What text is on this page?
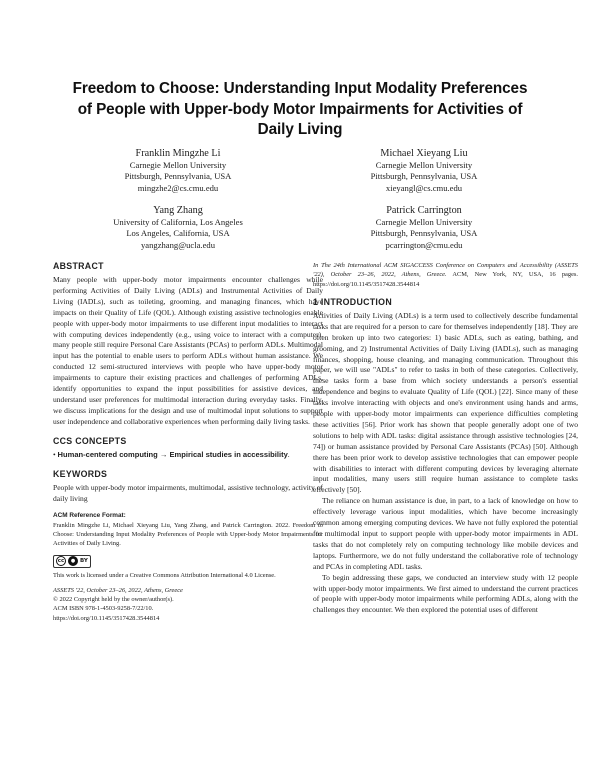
Freedom to Choose: Understanding Input Modality Preferences
of People with Upper-body Motor Impairments for Activities of
Daily Living
Franklin Mingzhe Li
Carnegie Mellon University
Pittsburgh, Pennsylvania, USA
mingzhe2@cs.cmu.edu
Michael Xieyang Liu
Carnegie Mellon University
Pittsburgh, Pennsylvania, USA
xieyangl@cs.cmu.edu
Yang Zhang
University of California, Los Angeles
Los Angeles, California, USA
yangzhang@ucla.edu
Patrick Carrington
Carnegie Mellon University
Pittsburgh, Pennsylvania, USA
pcarrington@cmu.edu
ABSTRACT

Many people with upper-body motor impairments encounter challenges while performing Activities of Daily Living (ADLs) and Instrumental Activities of Daily Living (IADLs), such as toileting, grooming, and managing finances, which have impacts on their Quality of Life (QOL). Although existing assistive technologies enable people with upper-body motor impairments to use different input modalities to interact with computing devices independently (e.g., using voice to interact with a computer), many people still require Personal Care Assistants (PCAs) to perform ADLs. Multimodal input has the potential to enable users to perform ADLs without human assistance. We conducted 12 semi-structured interviews with people who have upper-body motor impairments to capture their existing practices and challenges of performing ADLs, identify opportunities to expand the input possibilities for assistive devices, and understand user preferences for multimodal interaction during everyday tasks. Finally, we discuss implications for the design and use of multimodal input solutions to support user independence and collaborative experiences when performing daily living tasks.

CCS CONCEPTS

• Human-centered computing → Empirical studies in accessibility.

KEYWORDS

People with upper-body motor impairments, multimodal, assistive technology, activity of daily living

ACM Reference Format:

Franklin Mingzhe Li, Michael Xieyang Liu, Yang Zhang, and Patrick Carrington. 2022. Freedom to Choose: Understanding Input Modality Preferences of People with Upper-body Motor Impairments for Activities of Daily Living.

cc	● BY

This work is licensed under a Creative Commons Attribution International 4.0 License.

ASSETS '22, October 23–26, 2022, Athens, Greece

© 2022 Copyright held by the owner/author(s).

ACM ISBN 978-1-4503-9258-7/22/10.

https://doi.org/10.1145/3517428.3544814

In The 24th International ACM SIGACCESS Conference on Computers and Accessibility (ASSETS '22), October 23–26, 2022, Athens, Greece. ACM, New York, NY, USA, 16 pages. https://doi.org/10.1145/3517428.3544814

1 INTRODUCTION

Activities of Daily Living (ADLs) is a term used to collectively describe fundamental tasks that are required for a person to care for themselves independently [18]. They are often broken up into two categories: 1) basic ADLs, such as eating, bathing, and grooming, and 2) Instrumental Activities of Daily Living (IADLs), such as managing finances, shopping, house cleaning, and managing communication. Throughout this paper, we will use "ADLs" to refer to tasks in both of these categories. Collectively, these tasks form a base from which society understands a person's essential independence and begins to evaluate Quality of Life (QOL) [22]. Since many of these tasks involve interacting with objects and one's environment using hands and arms, people with upper-body motor impairments can experience difficulties completing these activities [56]. Prior work has shown that people generally adopt one of two solutions to help with ADL tasks: digital assistance through assistive technologies [24, 74]) or human assistance provided by Personal Care Assistants (PCAs) [50]. Although there has been prior work to develop assistive technologies that can empower people with disabilities to interact with different computing devices by leveraging alternate input modalities, many users still require human assistance to complete tasks effectively [50].

The reliance on human assistance is due, in part, to a lack of knowledge on how to effectively leverage various input modalities, which have become increasingly common among emerging computing devices. We have not fully explored the potential for multimodal input to support people with upper-body motor impairments in ADL tasks that do not completely rely on computing technology like mobile devices and laptops. Furthermore, we do not fully understand the collaborative role of technology and PCAs in completing ADL tasks.

To begin addressing these gaps, we conducted an interview study with 12 people with upper-body motor impairments. We first aimed to understand the current practices of people with upper-body motor impairments while performing ADLs, along with the challenges they encounter. We then explored the potential uses of different
